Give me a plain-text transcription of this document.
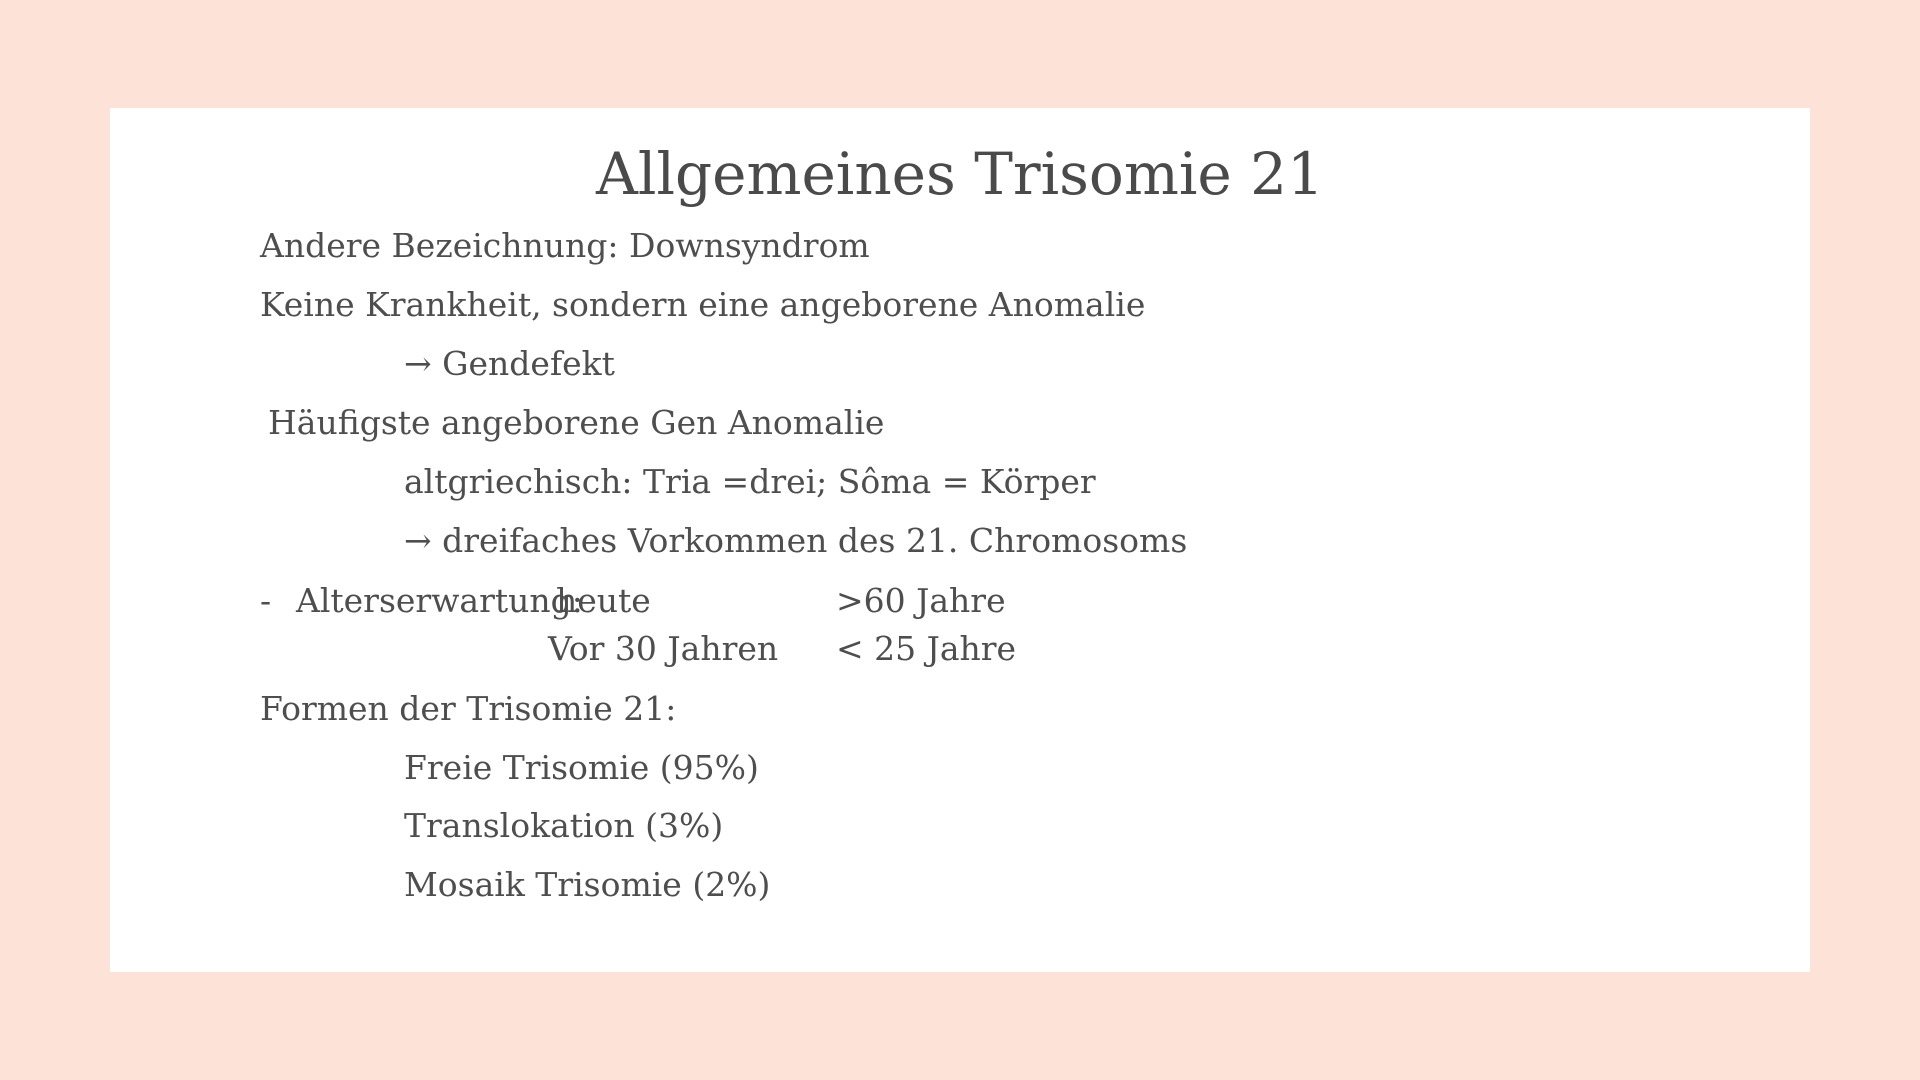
Allgemeines Trisomie 21
Andere Bezeichnung: Downsyndrom
Keine Krankheit, sondern eine angeborene Anomalie
→ Gendefekt
Häufigste angeborene Gen Anomalie
altgriechisch: Tria =drei; Sôma = Körper
→ dreifaches Vorkommen des 21. Chromosoms
- Alterserwartung:
heute	>60 Jahre
Vor 30 Jahren < 25 Jahre
Formen der Trisomie 21:
Freie Trisomie (95%)
Translokation (3%)
Mosaik Trisomie (2%)
